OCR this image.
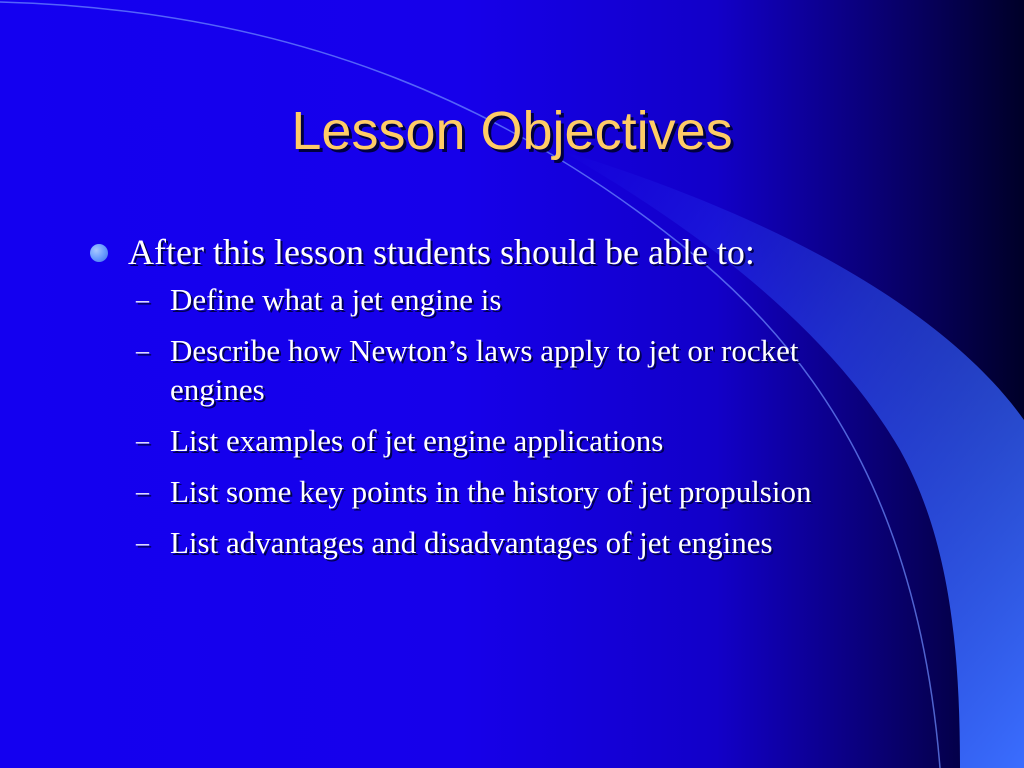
Lesson Objectives
After this lesson students should be able to:
– Define what a jet engine is
– Describe how Newton’s laws apply to jet or rocket engines
– List examples of jet engine applications
– List some key points in the history of jet propulsion
– List advantages and disadvantages of jet engines
